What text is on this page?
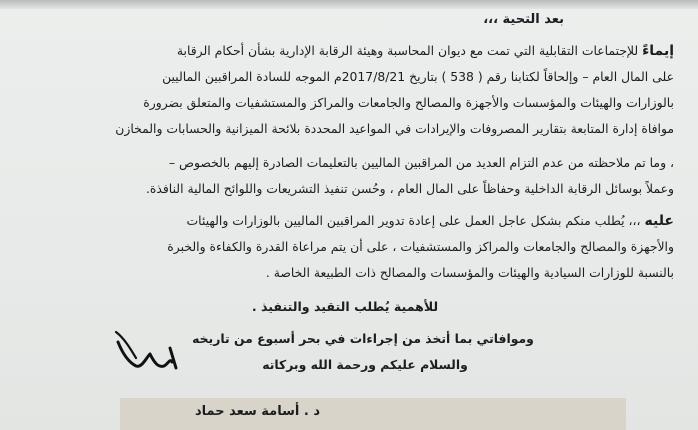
بعد التحية ،،،
إيماءً للإجتماعات التقابلية التي تمت مع ديوان المحاسبة وهيئة الرقابة الإدارية بشأن أحكام الرقابة
على المال العام – وإلحاقاً لكتابنا رقم ( 538 ) بتاريخ 2017/8/21م الموجه للسادة المراقبين الماليين
بالوزارات والهيئات والمؤسسات والأجهزة والمصالح والجامعات والمراكز والمستشفيات والمتعلق بضرورة
موافاة إدارة المتابعة بتقارير المصروفات والإيرادات في المواعيد المحددة بلائحة الميزانية والحسابات والمخازن
، وما تم ملاحظته من عدم التزام العديد من المراقبين الماليين بالتعليمات الصادرة إليهم بالخصوص –
وعملاً بوسائل الرقابة الداخلية وحفاظاً على المال العام ، وحُسن تنفيذ التشريعات واللوائح المالية النافذة.
عليه ،،، يُطلب منكم بشكل عاجل العمل على إعادة تدوير المراقبين الماليين بالوزارات والهيئات
والأجهزة والمصالح والجامعات والمراكز والمستشفيات ، على أن يتم مراعاة القدرة والكفاءة والخبرة
بالنسبة للوزارات السيادية والهيئات والمؤسسات والمصالح ذات الطبيعة الخاصة .
للأهمية يُطلب التقيد والتنفيذ .
وموافاتي بما أتخذ من إجراءات في بحر أسبوع من تاريخه
والسلام عليكم ورحمة الله وبركاته
د . أسامة سعد حماد
